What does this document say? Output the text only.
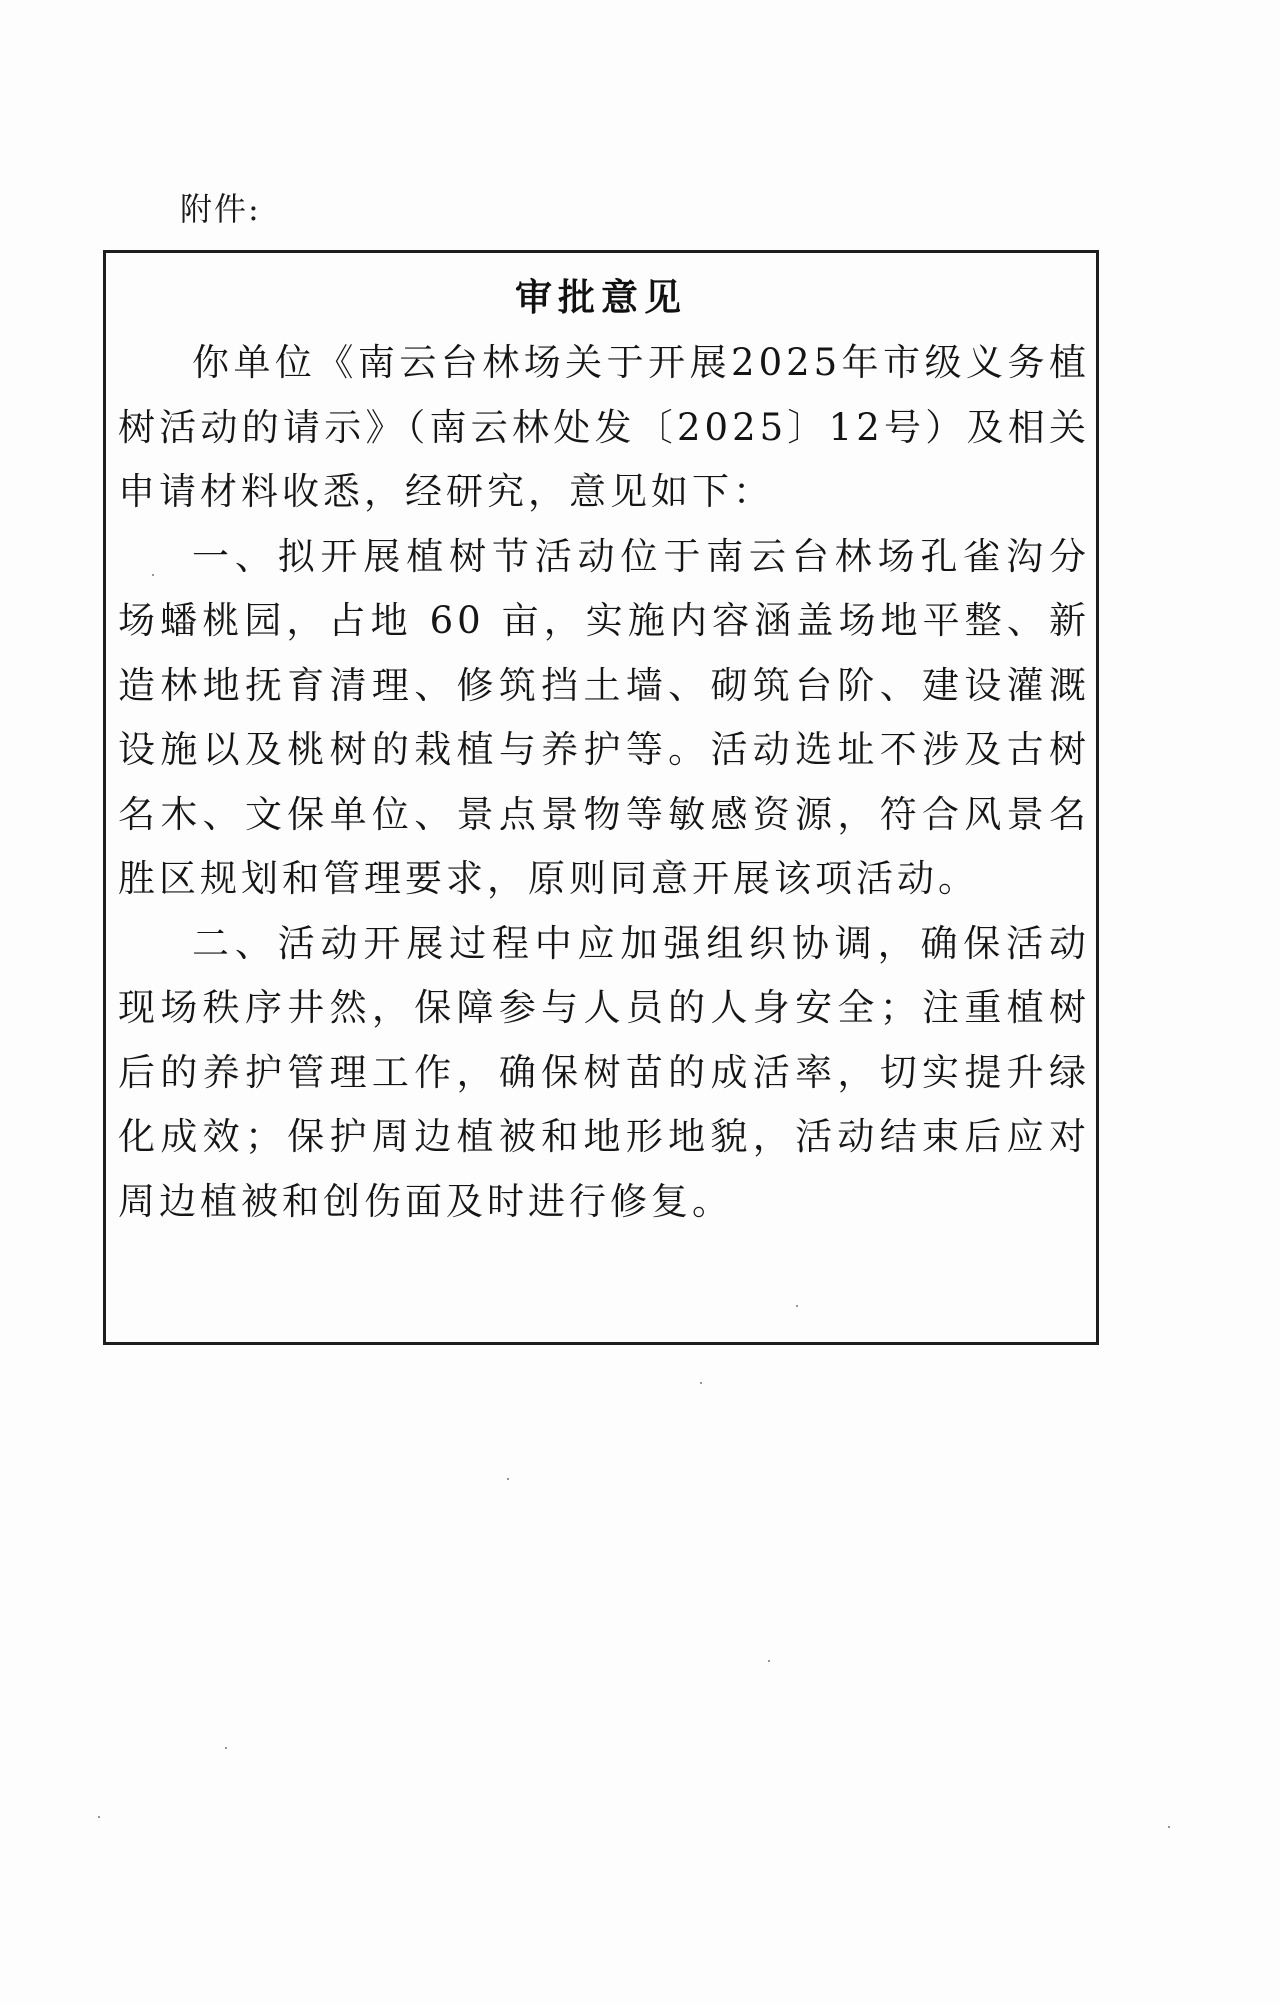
附件:
审批意见

你单位《南云台林场关于开展2025年市级义务植树活动的请示》（南云林处发〔2025〕12号）及相关申请材料收悉，经研究，意见如下：

一、拟开展植树节活动位于南云台林场孔雀沟分场蟠桃园，占地 60 亩，实施内容涵盖场地平整、新造林地抚育清理、修筑挡土墙、砌筑台阶、建设灌溉设施以及桃树的栽植与养护等。活动选址不涉及古树名木、文保单位、景点景物等敏感资源，符合风景名胜区规划和管理要求，原则同意开展该项活动。

二、活动开展过程中应加强组织协调，确保活动现场秩序井然，保障参与人员的人身安全；注重植树后的养护管理工作，确保树苗的成活率，切实提升绿化成效；保护周边植被和地形地貌，活动结束后应对周边植被和创伤面及时进行修复。
